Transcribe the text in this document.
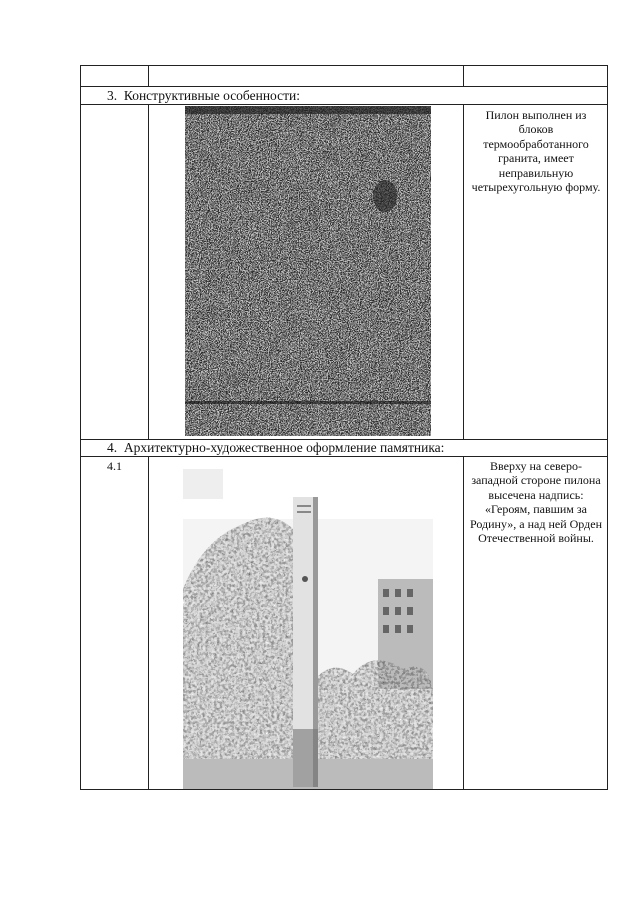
3. Конструктивные особенности:
Пилон выполнен из блоков термообработанного гранита, имеет неправильную четырехугольную форму.
4. Архитектурно-художественное оформление памятника:
4.1	Вверху на северо-западной стороне пилона высечена надпись: «Героям, павшим за Родину», а над ней Орден Отечественной войны.
